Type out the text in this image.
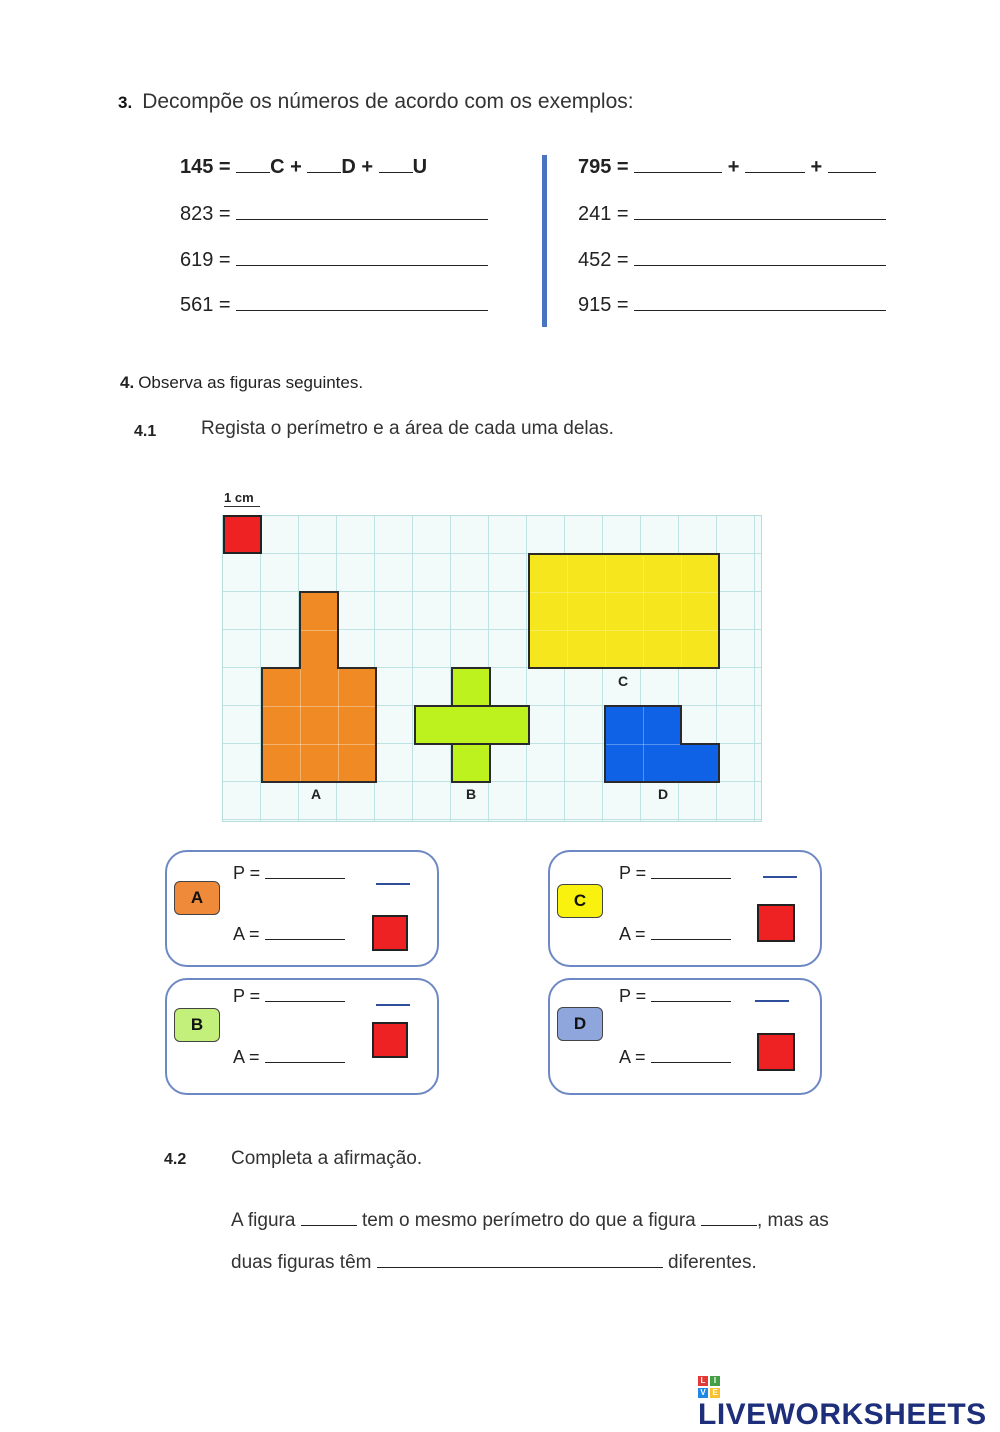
3. Decompõe os números de acordo com os exemplos:
145 = C + D + U
823 =
619 =
561 =
795 =	+	+
241 =
452 =
915 =
4. Observa as figuras seguintes.
4.1 Regista o perímetro e a área de cada uma delas.
1 cm
A	B
C
D
A
P =
A =
B
P =
A =
C
P =
A =
D
P =
A =
4.2 Completa a afirmação.
A figura	tem o mesmo perímetro do que a figura	, mas as
duas figuras têm	diferentes.
L	I
V E
LIVEWORKSHEETS
